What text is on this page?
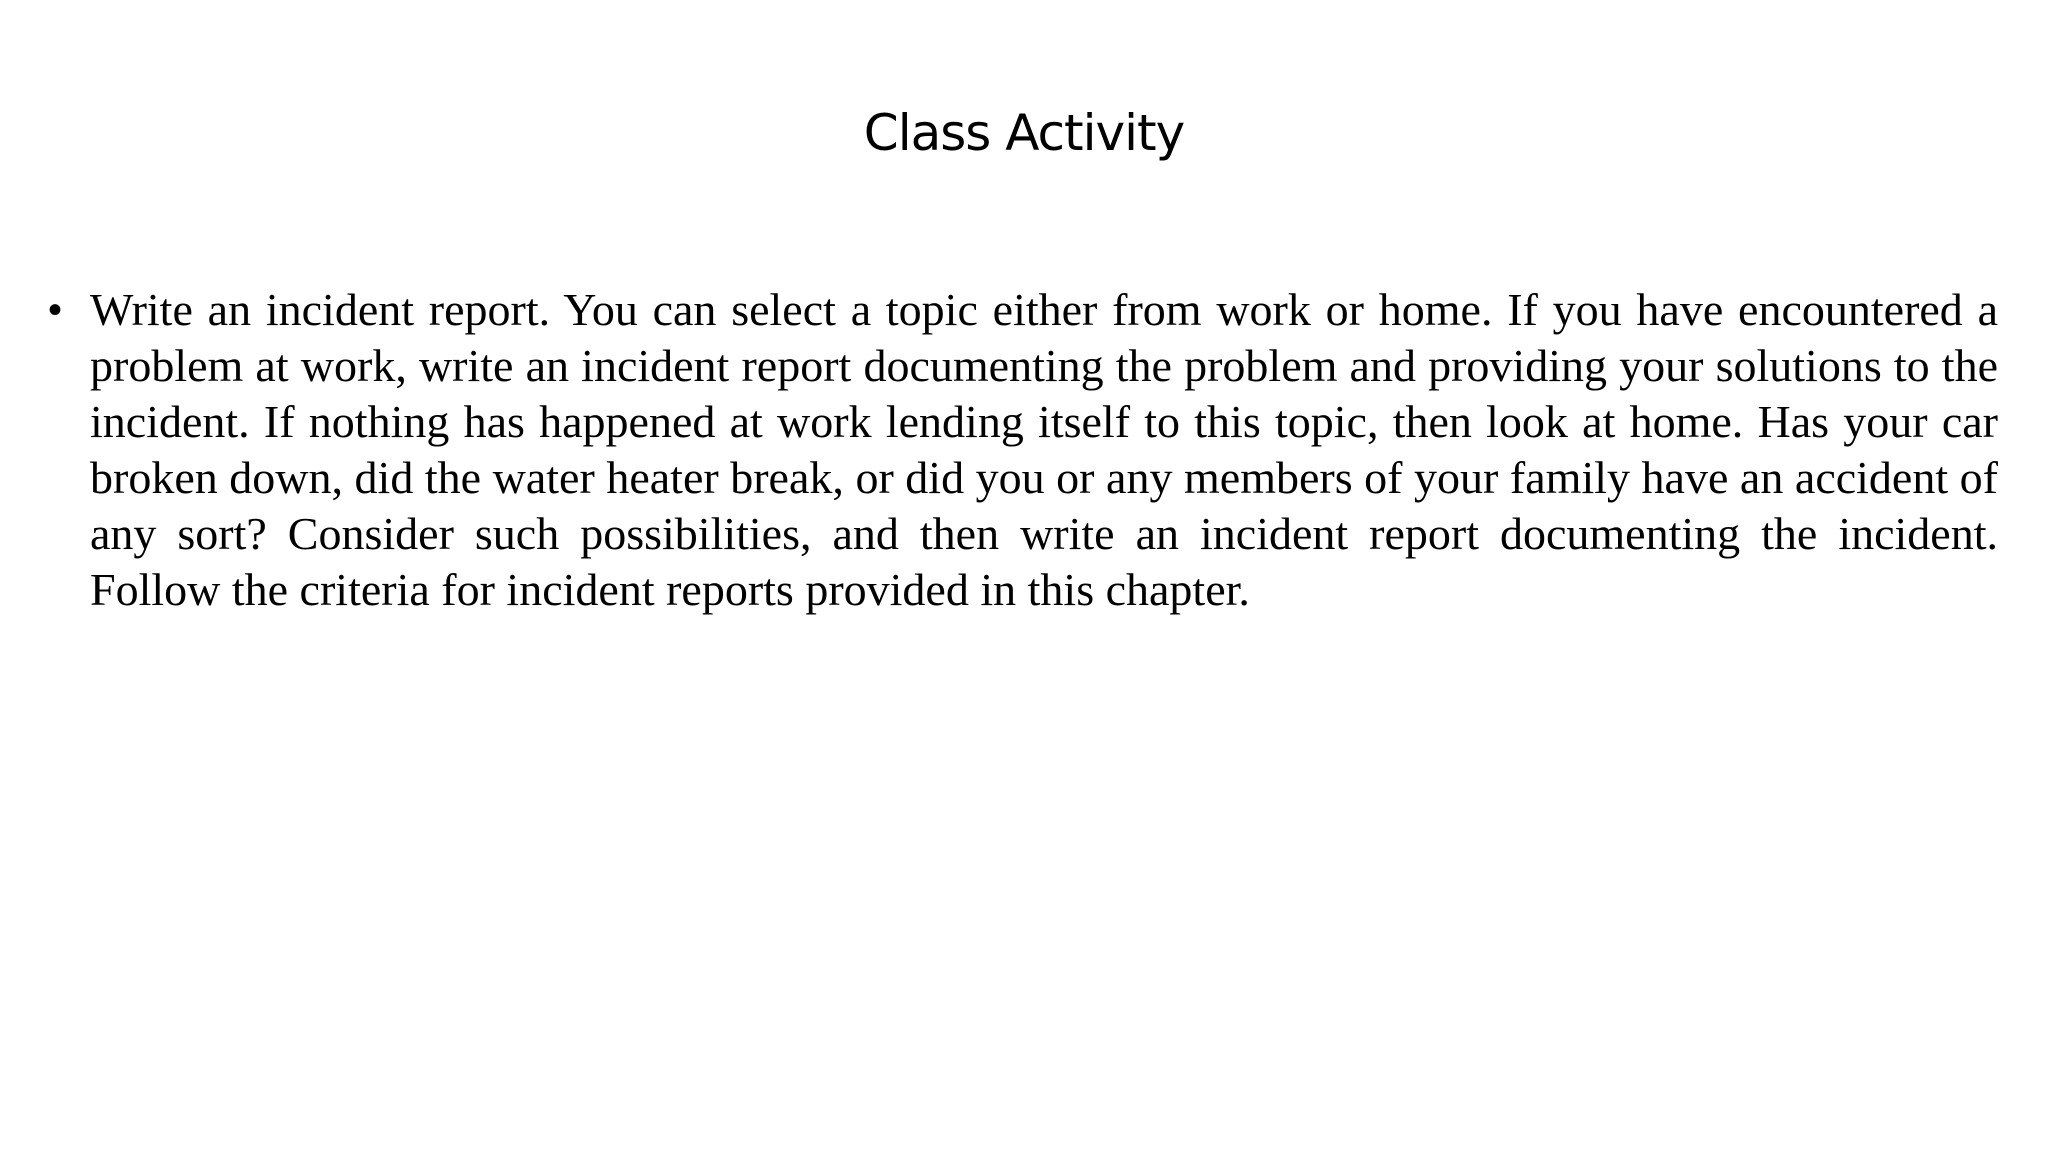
Class Activity

• Write an incident report. You can select a topic either from work or home. If you have encountered a problem at work, write an incident report documenting the problem and providing your solutions to the incident. If nothing has happened at work lending itself to this topic, then look at home. Has your car broken down, did the water heater break, or did you or any members of your family have an accident of any sort? Consider such possibilities, and then write an incident report documenting the incident. Follow the criteria for incident reports provided in this chapter.
